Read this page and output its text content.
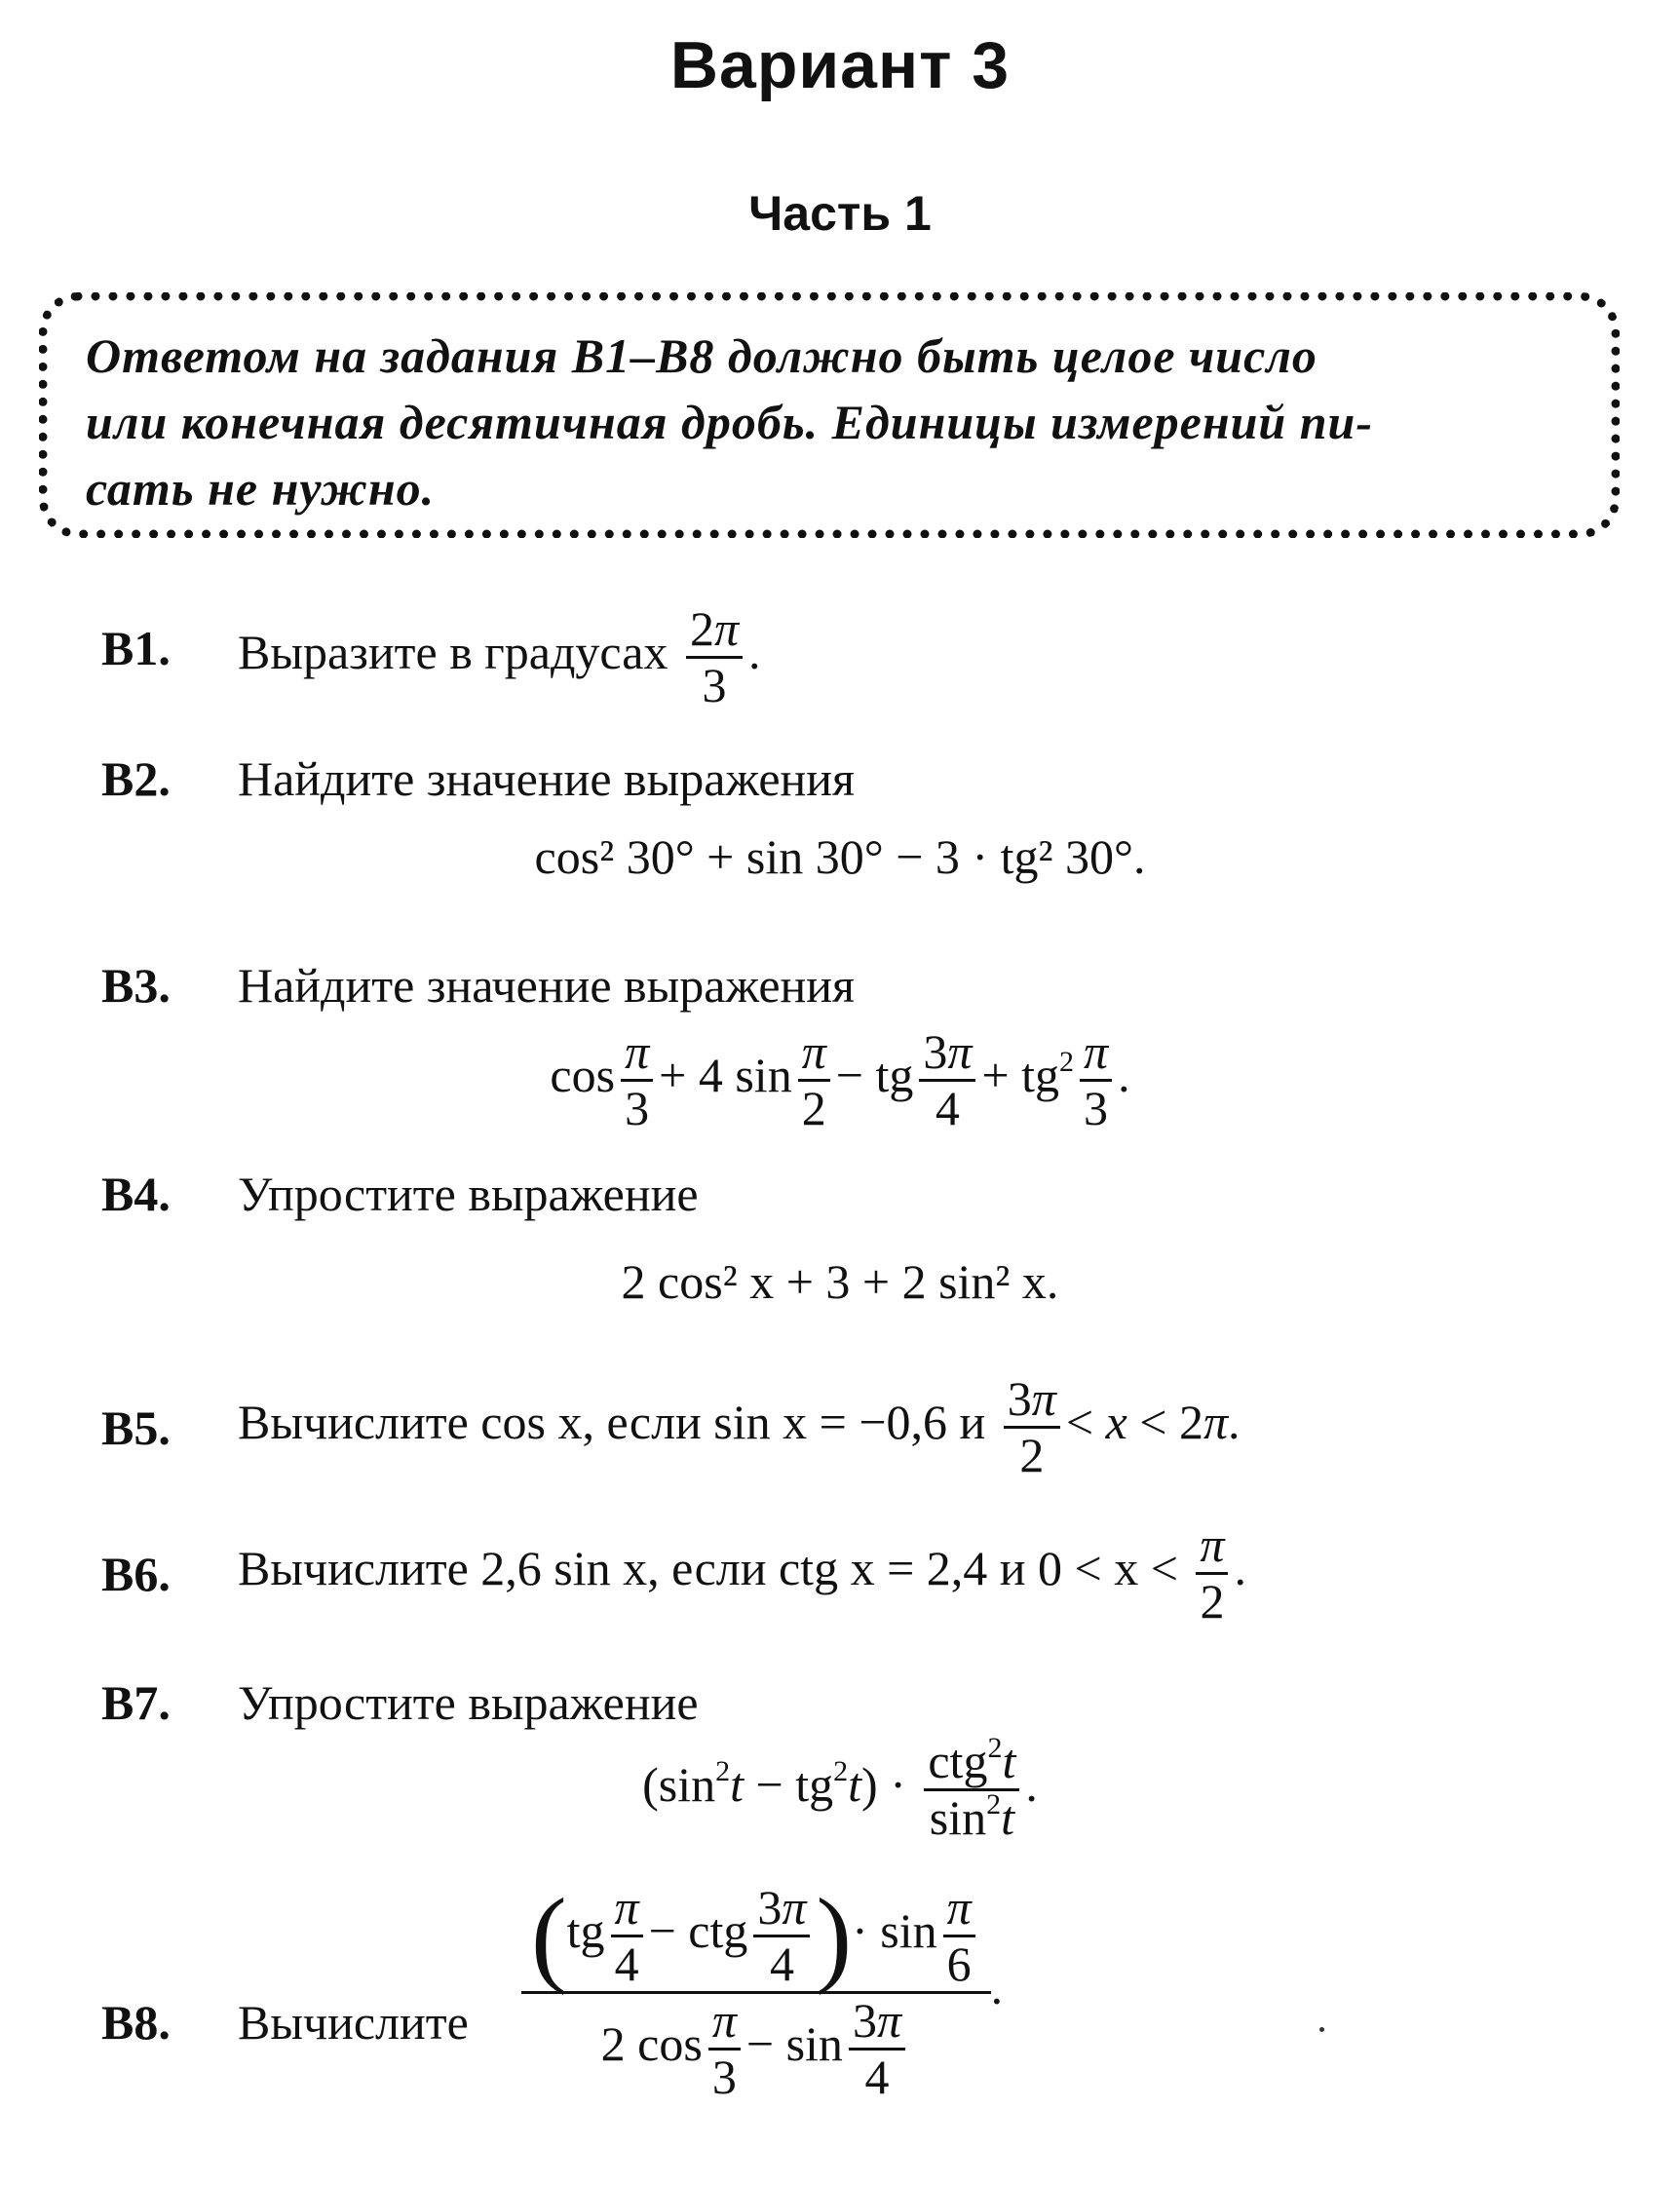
Вариант 3
Часть 1
Ответом на задания B1–B8 должно быть целое число
или конечная десятичная дробь. Единицы измерений пи-
сать не нужно.
B1. Выразите в градусах $\frac{2\pi}{3}$ .
B2. Найдите значение выражения
cos² 30° + sin 30° − 3 · tg² 30°.
B3. Найдите значение выражения
$\cos \frac{\pi}{3} + 4$ $\sin \frac{\pi}{2}$ − tg $\frac{3\pi}{4} + tg^2 \frac{\pi}{3}$ .
B4. Упростите выражение
2 cos² x + 3 + 2 sin² x.
B5. Вычислите cos x, если sin x = −0,6 и $\frac{3\pi}{2} < x < 2\pi$.
B6. Вычислите 2,6 sin x, если ctg x = 2,4 и $0 < x < \frac{\pi}{2}$ .
B7. Упростите выражение
$(\sin^2t - tg^2t) \cdot ctg^2t$
$\sin^2t$
.
B8. Вычислите
($tg \frac{\pi}{4}$ − ctg $\frac{3\pi}{4}$ )· $\sin \frac{\pi}{6}$
2 $\cos \frac{\pi}{3} - \sin \frac{3\pi}{4}$
.
